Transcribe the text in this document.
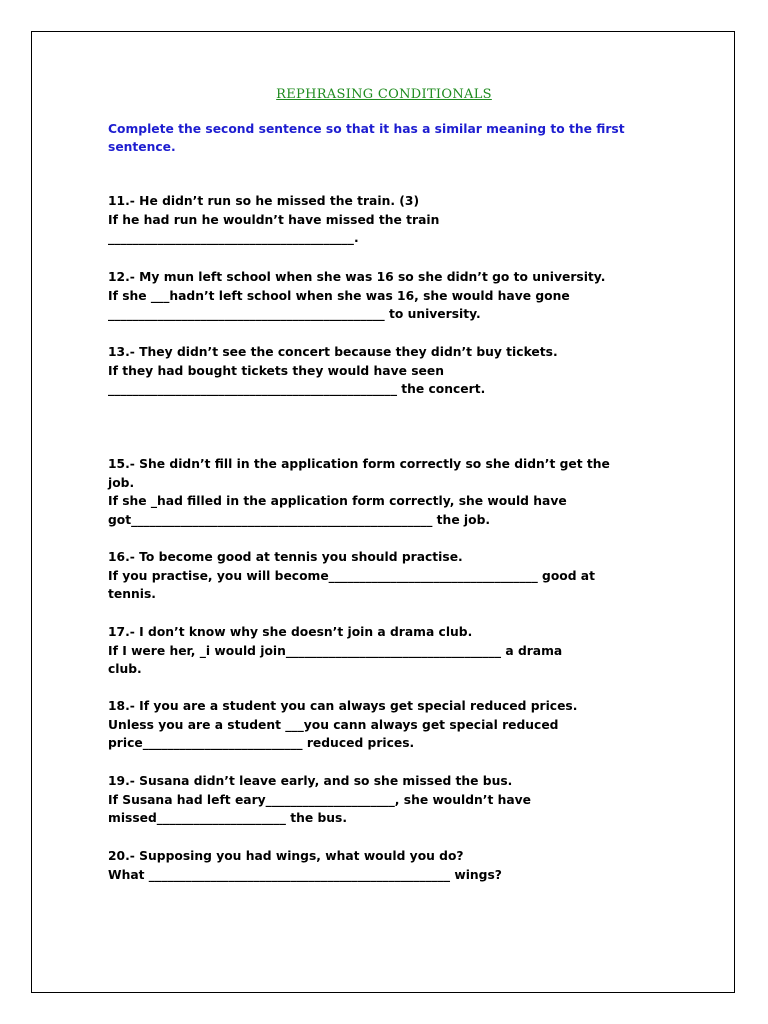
REPHRASING CONDITIONALS
Complete the second sentence so that it has a similar meaning to the first sentence.
11.- He didn’t run so he missed the train. (3)
If he had run he wouldn’t have missed the train
________________________________________.
12.- My mun left school when she was 16 so she didn’t go to university.
If she ___hadn’t left school when she was 16, she would have gone
_____________________________________________ to university.
13.- They didn’t see the concert because they didn’t buy tickets.
If they had bought tickets they would have seen
_______________________________________________ the concert.
15.- She didn’t fill in the application form correctly so she didn’t get the
job.
If she _had filled in the application form correctly, she would have
got_________________________________________________ the job.
16.- To become good at tennis you should practise.
If you practise, you will become__________________________________ good at
tennis.
17.- I don’t know why she doesn’t join a drama club.
If I were her, _i would join___________________________________ a drama
club.
18.- If you are a student you can always get special reduced prices.
Unless you are a student ___you cann always get special reduced
price__________________________ reduced prices.
19.- Susana didn’t leave early, and so she missed the bus.
If Susana had left eary_____________________, she wouldn’t have
missed_____________________ the bus.
20.- Supposing you had wings, what would you do?
What _________________________________________________ wings?
